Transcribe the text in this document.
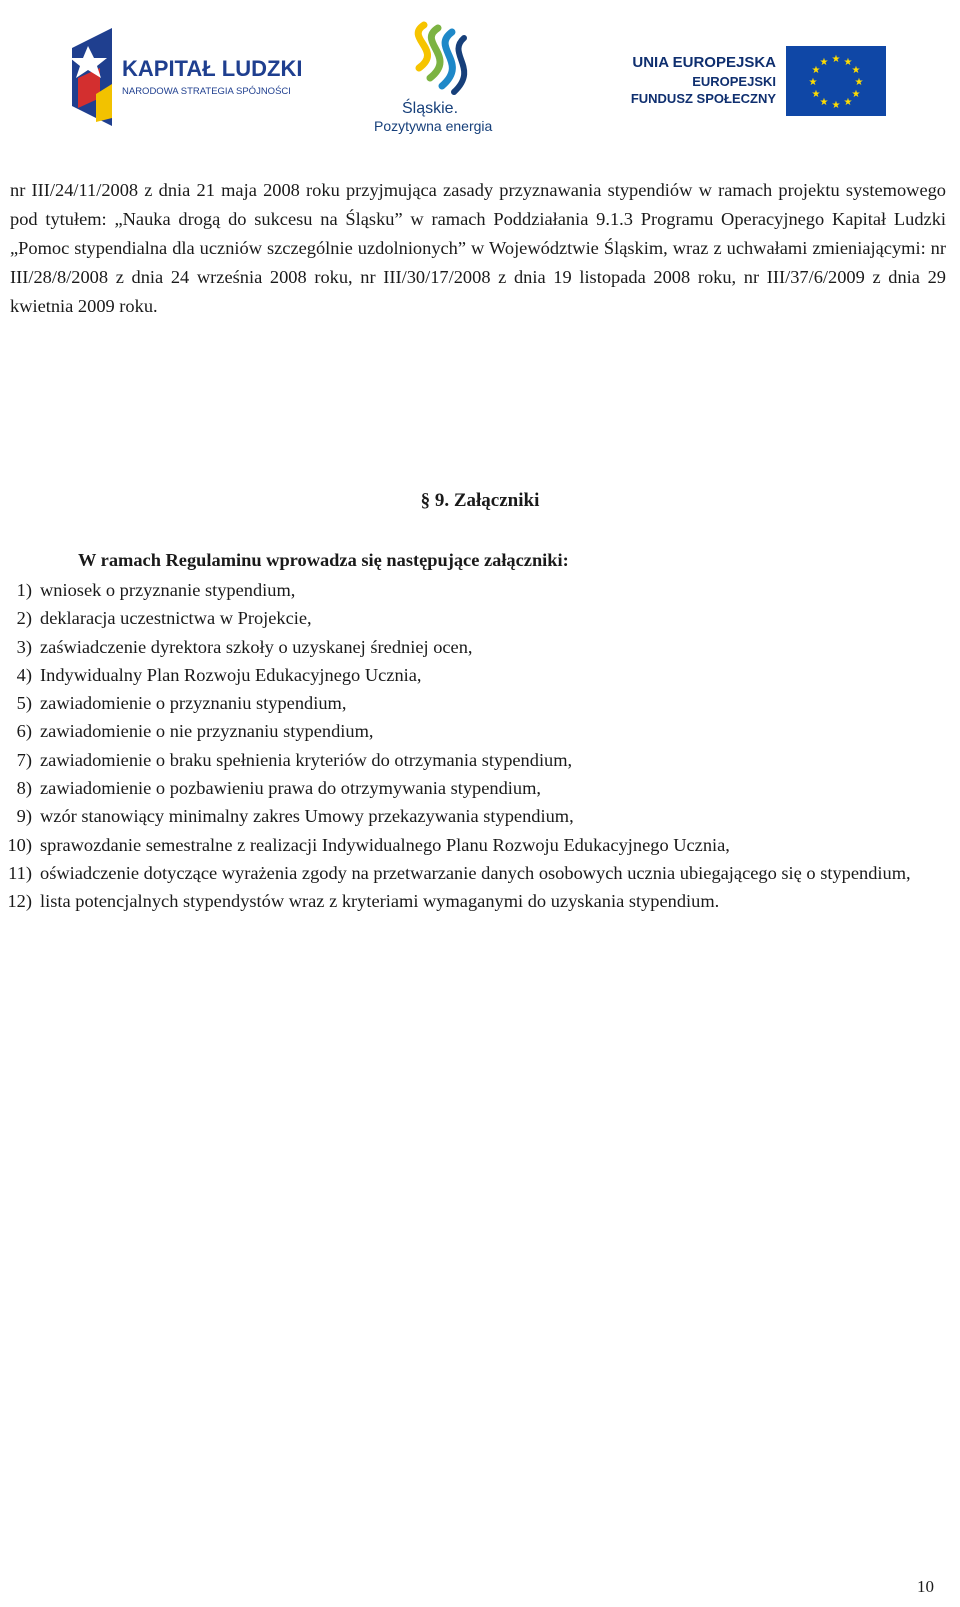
KAPITAŁ LUDZKI
NARODOWA STRATEGIA SPÓJNOŚCI
Śląskie.
Pozytywna energia
UNIA EUROPEJSKA
EUROPEJSKI
FUNDUSZ SPOŁECZNY
★ ★
★
★
★
★
★
★
★
★
★
★

nr III/24/11/2008 z dnia 21 maja 2008 roku przyjmująca zasady przyznawania stypendiów w ramach projektu systemowego pod tytułem: „Nauka drogą do sukcesu na Śląsku” w ramach Poddziałania 9.1.3 Programu Operacyjnego Kapitał Ludzki „Pomoc stypendialna dla uczniów szczególnie uzdolnionych” w Województwie Śląskim, wraz z uchwałami zmieniającymi: nr III/28/8/2008 z dnia 24 września 2008 roku, nr III/30/17/2008 z dnia 19 listopada 2008 roku, nr III/37/6/2009 z dnia 29 kwietnia 2009 roku.

§ 9. Załączniki
W ramach Regulaminu wprowadza się następujące załączniki:
1) wniosek o przyznanie stypendium,
2) deklaracja uczestnictwa w Projekcie,
3) zaświadczenie dyrektora szkoły o uzyskanej średniej ocen,
4) Indywidualny Plan Rozwoju Edukacyjnego Ucznia,
5) zawiadomienie o przyznaniu stypendium,
6) zawiadomienie o nie przyznaniu stypendium,
7) zawiadomienie o braku spełnienia kryteriów do otrzymania stypendium,
8) zawiadomienie o pozbawieniu prawa do otrzymywania stypendium,
9) wzór stanowiący minimalny zakres Umowy przekazywania stypendium,
10) sprawozdanie semestralne z realizacji Indywidualnego Planu Rozwoju Edukacyjnego Ucznia,
11) oświadczenie dotyczące wyrażenia zgody na przetwarzanie danych osobowych ucznia ubiegającego się o stypendium,
12) lista potencjalnych stypendystów wraz z kryteriami wymaganymi do uzyskania stypendium.
10
